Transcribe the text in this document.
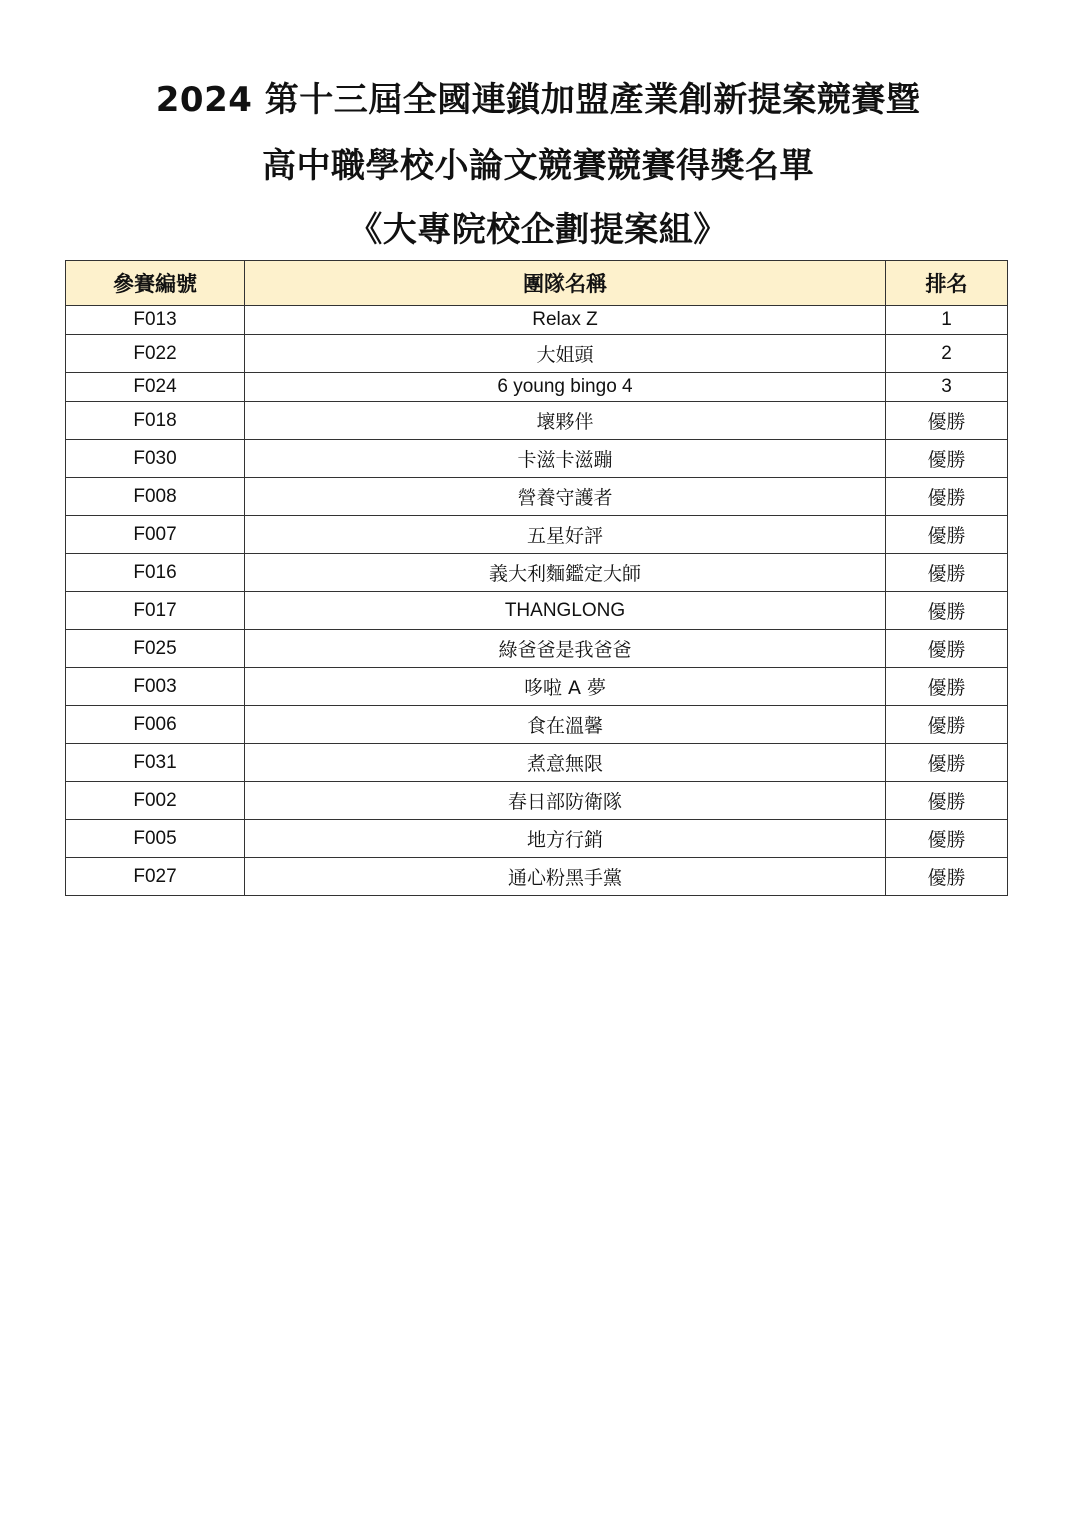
2024 第十三屆全國連鎖加盟產業創新提案競賽暨
高中職學校小論文競賽競賽得獎名單
《大專院校企劃提案組》
參賽編號	團隊名稱	排名
F013	Relax Z	1
F022	大姐頭	2
F024	6 young bingo 4	3
F018	壞夥伴	優勝
F030	卡滋卡滋蹦	優勝
F008	營養守護者	優勝
F007	五星好評	優勝
F016	義大利麵鑑定大師	優勝
F017	THANGLONG	優勝
F025	綠爸爸是我爸爸	優勝
F003	哆啦 A 夢	優勝
F006	食在溫馨	優勝
F031	煮意無限	優勝
F002	春日部防衛隊	優勝
F005	地方行銷	優勝
F027	通心粉黑手黨	優勝
